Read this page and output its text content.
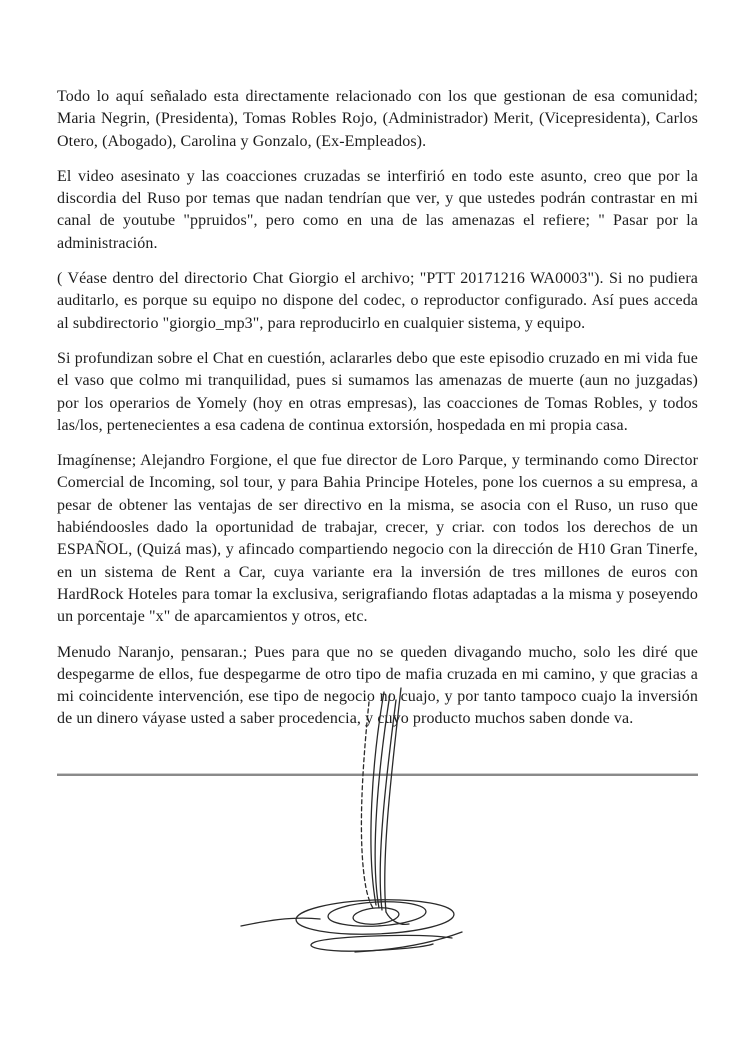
Todo lo aquí señalado esta directamente relacionado con los que gestionan de esa comunidad; Maria Negrin, (Presidenta), Tomas Robles Rojo, (Administrador) Merit, (Vicepresidenta), Carlos Otero, (Abogado), Carolina y Gonzalo, (Ex-Empleados).

El video asesinato y las coacciones cruzadas se interfirió en todo este asunto, creo que por la discordia del Ruso por temas que nadan tendrían que ver, y que ustedes podrán contrastar en mi canal de youtube "ppruidos", pero como en una de las amenazas el refiere; " Pasar por la administración.

( Véase dentro del directorio Chat Giorgio el archivo; "PTT 20171216 WA0003"). Si no pudiera auditarlo, es porque su equipo no dispone del codec, o reproductor configurado. Así pues acceda al subdirectorio "giorgio_mp3", para reproducirlo en cualquier sistema, y equipo.

Si profundizan sobre el Chat en cuestión, aclararles debo que este episodio cruzado en mi vida fue el vaso que colmo mi tranquilidad, pues si sumamos las amenazas de muerte (aun no juzgadas) por los operarios de Yomely (hoy en otras empresas), las coacciones de Tomas Robles, y todos las/los, pertenecientes a esa cadena de continua extorsión, hospedada en mi propia casa.

Imagínense; Alejandro Forgione, el que fue director de Loro Parque, y terminando como Director Comercial de Incoming, sol tour, y para Bahia Principe Hoteles, pone los cuernos a su empresa, a pesar de obtener las ventajas de ser directivo en la misma, se asocia con el Ruso, un ruso que habiéndoosles dado la oportunidad de trabajar, crecer, y criar. con todos los derechos de un ESPAÑOL, (Quizá mas), y afincado compartiendo negocio con la dirección de H10 Gran Tinerfe, en un sistema de Rent a Car, cuya variante era la inversión de tres millones de euros con HardRock Hoteles para tomar la exclusiva, serigrafiando flotas adaptadas a la misma y poseyendo un porcentaje "x" de aparcamientos y otros, etc.

Menudo Naranjo, pensaran.; Pues para que no se queden divagando mucho, solo les diré que despegarme de ellos, fue despegarme de otro tipo de mafia cruzada en mi camino, y que gracias a mi coincidente intervención, ese tipo de negocio no cuajo, y por tanto tampoco cuajo la inversión de un dinero váyase usted a saber procedencia, y cuyo producto muchos saben donde va.
